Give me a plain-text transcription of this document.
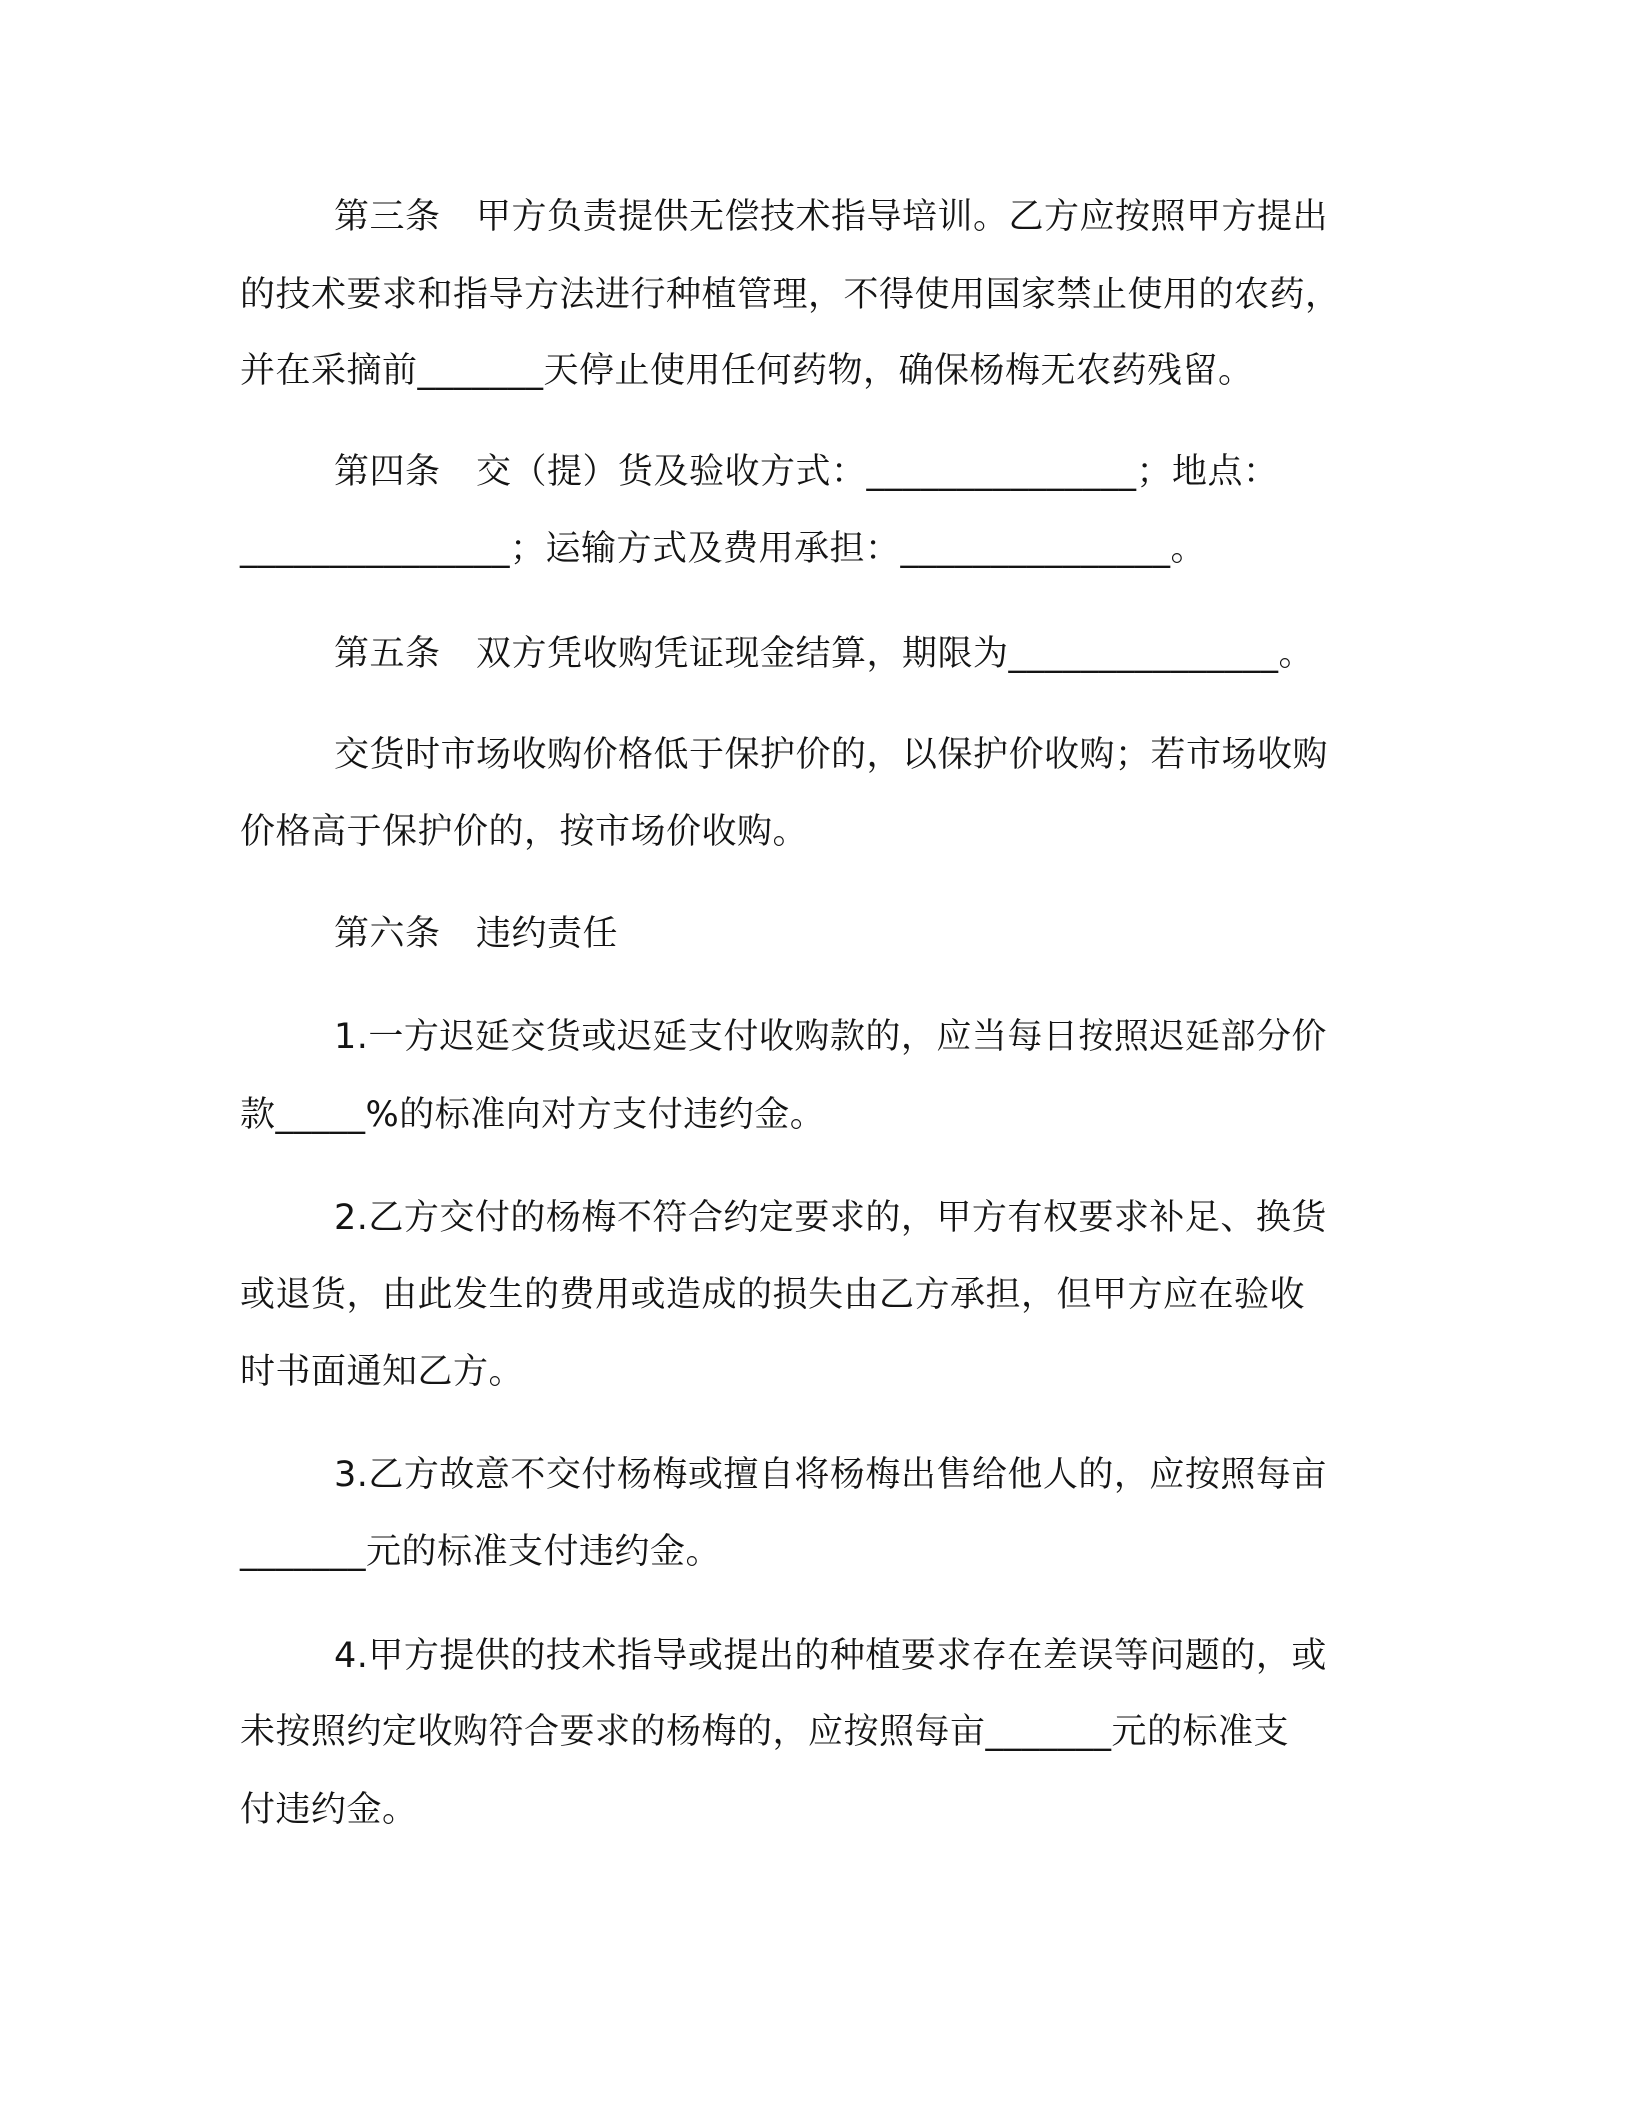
第三条　甲方负责提供无偿技术指导培训。乙方应按照甲方提出
的技术要求和指导方法进行种植管理，不得使用国家禁止使用的农药，
并在采摘前_______天停止使用任何药物，确保杨梅无农药残留。
第四条　交（提）货及验收方式：_______________；地点：
_______________；运输方式及费用承担：_______________。
第五条　双方凭收购凭证现金结算，期限为_______________。
交货时市场收购价格低于保护价的，以保护价收购；若市场收购
价格高于保护价的，按市场价收购。
第六条　违约责任
1.一方迟延交货或迟延支付收购款的，应当每日按照迟延部分价
款_____%的标准向对方支付违约金。
2.乙方交付的杨梅不符合约定要求的，甲方有权要求补足、换货
或退货，由此发生的费用或造成的损失由乙方承担，但甲方应在验收
时书面通知乙方。
3.乙方故意不交付杨梅或擅自将杨梅出售给他人的，应按照每亩
_______元的标准支付违约金。
4.甲方提供的技术指导或提出的种植要求存在差误等问题的，或
未按照约定收购符合要求的杨梅的，应按照每亩_______元的标准支
付违约金。
